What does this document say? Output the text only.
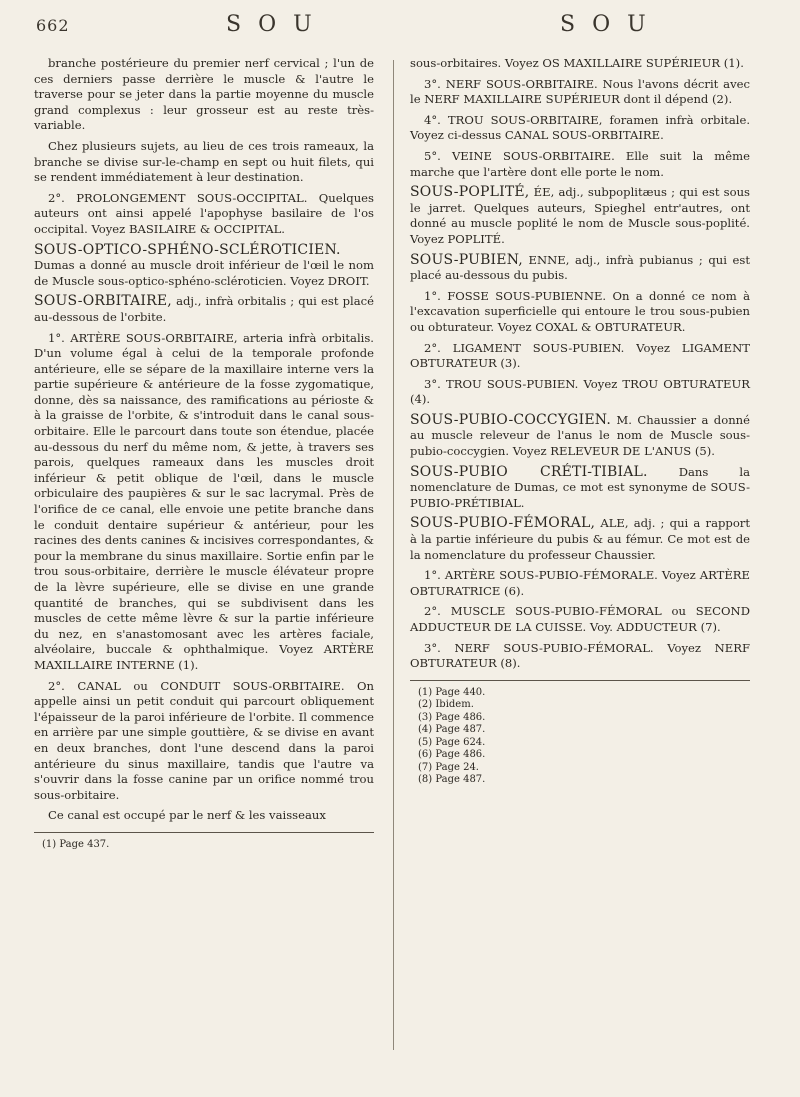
662	S O U	S O U

branche postérieure du premier nerf cervical ; l'un de ces derniers passe derrière le muscle & l'autre le traverse pour se jeter dans la partie moyenne du muscle grand complexus : leur grosseur est au reste très-variable.

Chez plusieurs sujets, au lieu de ces trois rameaux, la branche se divise sur-le-champ en sept ou huit filets, qui se rendent immédiatement à leur destination.

2°. PROLONGEMENT SOUS-OCCIPITAL. Quelques auteurs ont ainsi appelé l'apophyse basilaire de l'os occipital. Voyez BASILAIRE & OCCIPITAL.

SOUS-OPTICO-SPHÉNO-SCLÉROTICIEN. Dumas a donné au muscle droit inférieur de l'œil le nom de Muscle sous-optico-sphéno-scléroticien. Voyez DROIT.

SOUS-ORBITAIRE, adj., infrà orbitalis ; qui est placé au-dessous de l'orbite.

1°. ARTÈRE SOUS-ORBITAIRE, arteria infrà orbitalis. D'un volume égal à celui de la temporale profonde antérieure, elle se sépare de la maxillaire interne vers la partie supérieure & antérieure de la fosse zygomatique, donne, dès sa naissance, des ramifications au périoste & à la graisse de l'orbite, & s'introduit dans le canal sous-orbitaire. Elle le parcourt dans toute son étendue, placée au-dessous du nerf du même nom, & jette, à travers ses parois, quelques rameaux dans les muscles droit inférieur & petit oblique de l'œil, dans le muscle orbiculaire des paupières & sur le sac lacrymal. Près de l'orifice de ce canal, elle envoie une petite branche dans le conduit dentaire supérieur & antérieur, pour les racines des dents canines & incisives correspondantes, & pour la membrane du sinus maxillaire. Sortie enfin par le trou sous-orbitaire, derrière le muscle élévateur propre de la lèvre supérieure, elle se divise en une grande quantité de branches, qui se subdivisent dans les muscles de cette même lèvre & sur la partie inférieure du nez, en s'anastomosant avec les artères faciale, alvéolaire, buccale & ophthalmique. Voyez ARTÈRE MAXILLAIRE INTERNE (1).

2°. CANAL ou CONDUIT SOUS-ORBITAIRE. On appelle ainsi un petit conduit qui parcourt obliquement l'épaisseur de la paroi inférieure de l'orbite. Il commence en arrière par une simple gouttière, & se divise en avant en deux branches, dont l'une descend dans la paroi antérieure du sinus maxillaire, tandis que l'autre va s'ouvrir dans la fosse canine par un orifice nommé trou sous-orbitaire.

Ce canal est occupé par le nerf & les vaisseaux

(1) Page 437.

sous-orbitaires. Voyez OS MAXILLAIRE SUPÉRIEUR (1).

3°. NERF SOUS-ORBITAIRE. Nous l'avons décrit avec le NERF MAXILLAIRE SUPÉRIEUR dont il dépend (2).

4°. TROU SOUS-ORBITAIRE, foramen infrà orbitale. Voyez ci-dessus CANAL SOUS-ORBITAIRE.

5°. VEINE SOUS-ORBITAIRE. Elle suit la même marche que l'artère dont elle porte le nom.

SOUS-POPLITÉ, ÉE, adj., subpoplitæus ; qui est sous le jarret. Quelques auteurs, Spieghel entr'autres, ont donné au muscle poplité le nom de Muscle sous-poplité. Voyez POPLITÉ.

SOUS-PUBIEN, ENNE, adj., infrà pubianus ; qui est placé au-dessous du pubis.

1°. FOSSE SOUS-PUBIENNE. On a donné ce nom à l'excavation superficielle qui entoure le trou sous-pubien ou obturateur. Voyez COXAL & OBTURATEUR.

2°. LIGAMENT SOUS-PUBIEN. Voyez LIGAMENT OBTURATEUR (3).

3°. TROU SOUS-PUBIEN. Voyez TROU OBTURATEUR (4).

SOUS-PUBIO-COCCYGIEN. M. Chaussier a donné au muscle releveur de l'anus le nom de Muscle sous-pubio-coccygien. Voyez RELEVEUR DE L'ANUS (5).

SOUS-PUBIO CRÉTI-TIBIAL.	Dans la nomenclature de Dumas, ce mot est synonyme de SOUS-PUBIO-PRÉTIBIAL.

SOUS-PUBIO-FÉMORAL, ALE, adj. ; qui a rapport à la partie inférieure du pubis & au fémur. Ce mot est de la nomenclature du professeur Chaussier.

1°. ARTÈRE SOUS-PUBIO-FÉMORALE. Voyez ARTÈRE OBTURATRICE (6).

2°. MUSCLE SOUS-PUBIO-FÉMORAL ou SECOND ADDUCTEUR DE LA CUISSE. Voy. ADDUCTEUR (7).

3°. NERF SOUS-PUBIO-FÉMORAL. Voyez NERF OBTURATEUR (8).

(1) Page 440.

(2) Ibidem.

(3) Page 486.

(4) Page 487.

(5) Page 624.

(6) Page 486.

(7) Page 24.

(8) Page 487.
